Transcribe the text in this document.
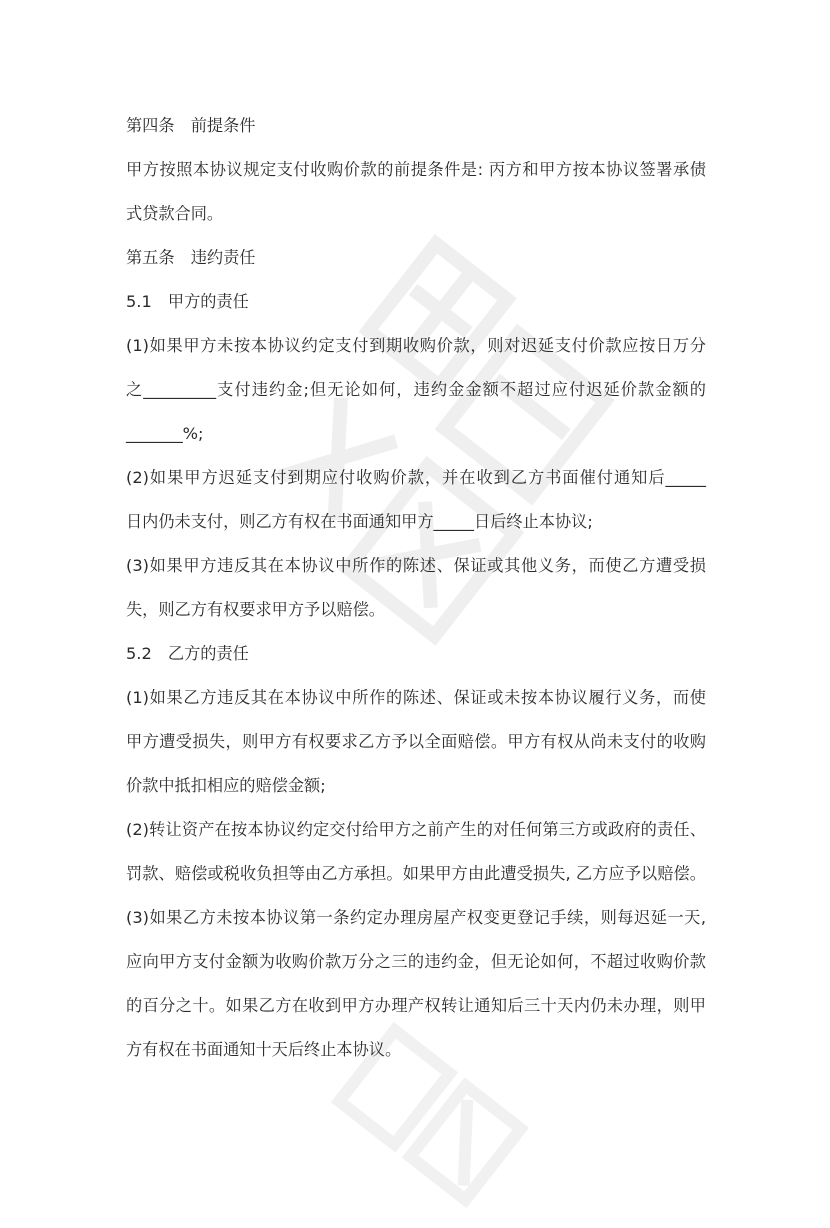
第四条　前提条件

甲方按照本协议规定支付收购价款的前提条件是: 丙方和甲方按本协议签署承债

式贷款合同。

第五条　违约责任

5.1　甲方的责任

(1)如果甲方未按本协议约定支付到期收购价款，则对迟延支付价款应按日万分

之_________支付违约金;但无论如何，违约金金额不超过应付迟延价款金额的

_______%;

(2)如果甲方迟延支付到期应付收购价款，并在收到乙方书面催付通知后_____

日内仍未支付，则乙方有权在书面通知甲方_____日后终止本协议;

(3)如果甲方违反其在本协议中所作的陈述、保证或其他义务，而使乙方遭受损

失，则乙方有权要求甲方予以赔偿。

5.2　乙方的责任

(1)如果乙方违反其在本协议中所作的陈述、保证或未按本协议履行义务，而使

甲方遭受损失，则甲方有权要求乙方予以全面赔偿。甲方有权从尚未支付的收购

价款中抵扣相应的赔偿金额;

(2)转让资产在按本协议约定交付给甲方之前产生的对任何第三方或政府的责任、

罚款、赔偿或税收负担等由乙方承担。如果甲方由此遭受损失, 乙方应予以赔偿。

(3)如果乙方未按本协议第一条约定办理房屋产权变更登记手续，则每迟延一天,

应向甲方支付金额为收购价款万分之三的违约金，但无论如何，不超过收购价款

的百分之十。如果乙方在收到甲方办理产权转让通知后三十天内仍未办理，则甲

方有权在书面通知十天后终止本协议。
